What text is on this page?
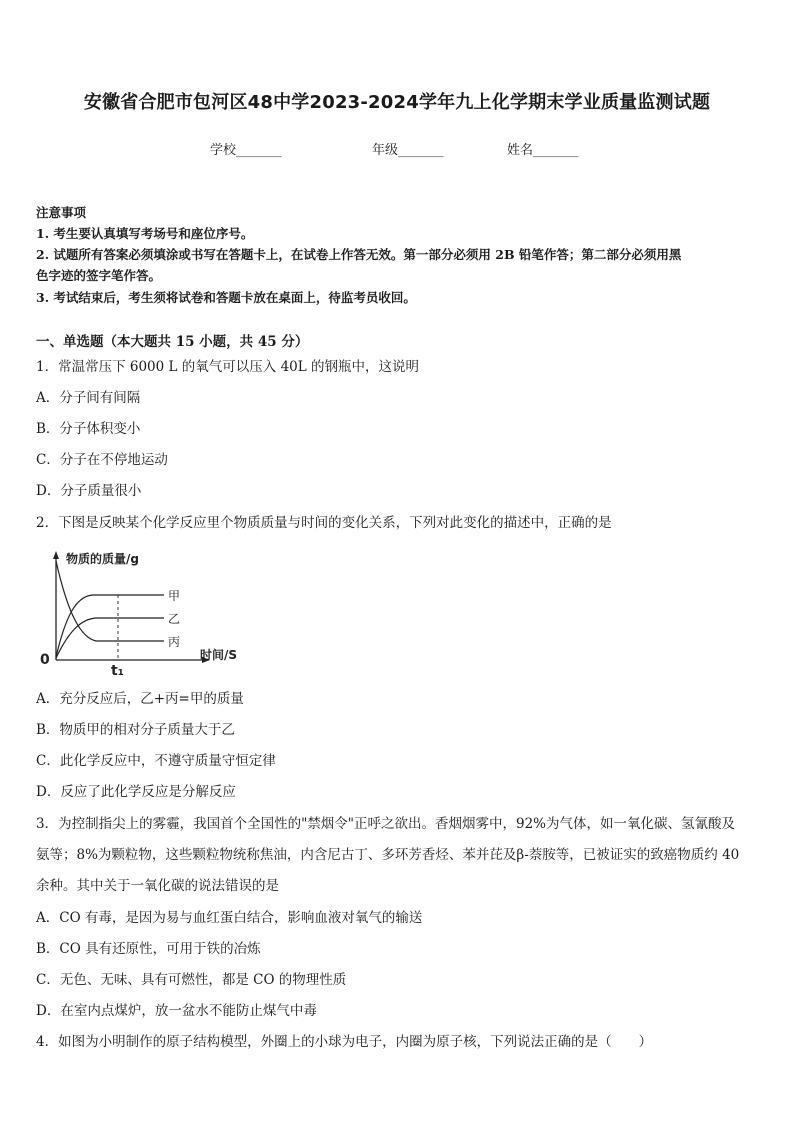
安徽省合肥市包河区48中学2023-2024学年九上化学期末学业质量监测试题
学校_______	年级_______	姓名_______
注意事项
1. 考生要认真填写考场号和座位序号。
2. 试题所有答案必须填涂或书写在答题卡上，在试卷上作答无效。第一部分必须用 2B 铅笔作答；第二部分必须用黑
色字迹的签字笔作答。
3. 考试结束后，考生须将试卷和答题卡放在桌面上，待监考员收回。
一、单选题（本大题共 15 小题，共 45 分）
1．常温常压下 6000 L 的氧气可以压入 40L 的钢瓶中，这说明
A．分子间有间隔
B．分子体积变小
C．分子在不停地运动
D．分子质量很小
2．下图是反映某个化学反应里个物质质量与时间的变化关系，下列对此变化的描述中，正确的是
物质的质量/g
时间/S
0
t₁
甲
乙
丙
A．充分反应后，乙+丙=甲的质量
B．物质甲的相对分子质量大于乙
C．此化学反应中，不遵守质量守恒定律
D．反应了此化学反应是分解反应
3．为控制指尖上的雾霾，我国首个全国性的"禁烟令"正呼之欲出。香烟烟雾中，92%为气体，如一氧化碳、氢氰酸及
氨等；8%为颗粒物，这些颗粒物统称焦油，内含尼古丁、多环芳香烃、苯并芘及β-萘胺等，已被证实的致癌物质约 40
余种。其中关于一氧化碳的说法错误的是
A．CO 有毒，是因为易与血红蛋白结合，影响血液对氧气的输送
B．CO 具有还原性，可用于铁的冶炼
C．无色、无味、具有可燃性，都是 CO 的物理性质
D．在室内点煤炉，放一盆水不能防止煤气中毒
4．如图为小明制作的原子结构模型，外圈上的小球为电子，内圈为原子核，下列说法正确的是（　　）
